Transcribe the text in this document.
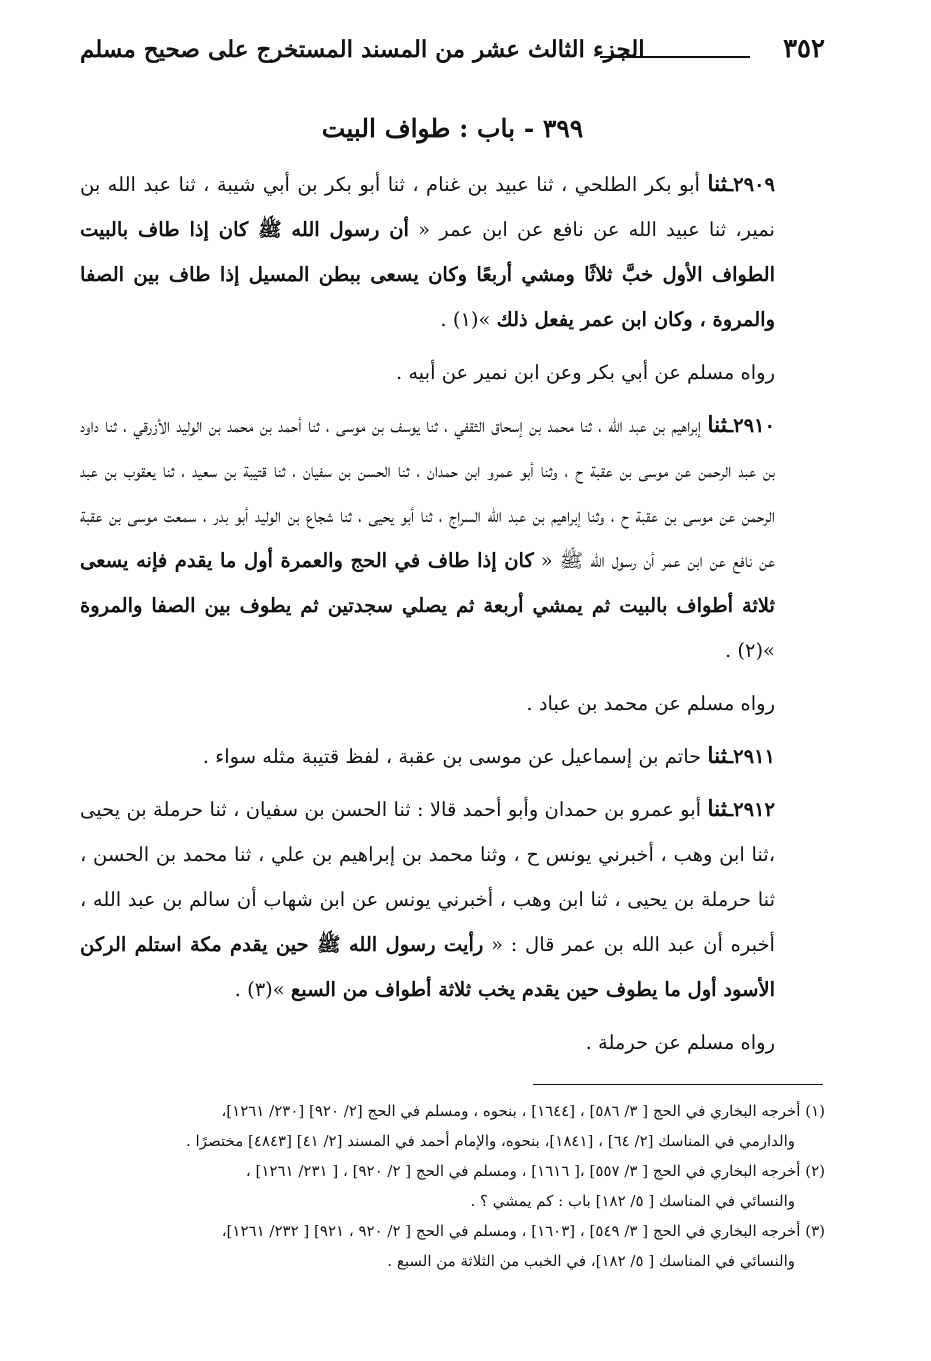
٣٥٢
الجزء الثالث عشر من المسند المستخرج على صحيح مسلم
٣٩٩ - باب : طواف البيت

٢٩٠٩ـثنا أبو بكر الطلحي ، ثنا عبيد بن غنام ، ثنا أبو بكر بن أبي شيبة ، ثنا عبد الله بن نمير، ثنا عبيد الله عن نافع عن ابن عمر « أن رسول الله ﷺ كان إذا طاف بالبيت الطواف الأول خبَّ ثلاثًا ومشي أربعًا وكان يسعى ببطن المسيل إذا طاف بين الصفا والمروة ، وكان ابن عمر يفعل ذلك »(١) .

رواه مسلم عن أبي بكر وعن ابن نمير عن أبيه .

٢٩١٠ـثنا إبراهيم بن عبد الله ، ثنا محمد بن إسحاق الثقفي ، ثنا يوسف بن موسى ، ثنا أحمد بن محمد بن الوليد الأزرقي ، ثنا داود بن عبد الرحمن عن موسى بن عقبة ح ، وثنا أبو عمرو ابن حمدان ، ثنا الحسن بن سفيان ، ثنا قتيبة بن سعيد ، ثنا يعقوب بن عبد الرحمن عن موسى بن عقبة ح ، وثنا إبراهيم بن عبد الله السراج ، ثنا أبو يحيى ، ثنا شجاع بن الوليد أبو بدر ، سمعت موسى بن عقبة عن نافع عن ابن عمر أن رسول الله ﷺ « كان إذا طاف في الحج والعمرة أول ما يقدم فإنه يسعى ثلاثة أطواف بالبيت ثم يمشي أربعة ثم يصلي سجدتين ثم يطوف بين الصفا والمروة »(٢) .

رواه مسلم عن محمد بن عباد .

٢٩١١ـثنا حاتم بن إسماعيل عن موسى بن عقبة ، لفظ قتيبة مثله سواء .

٢٩١٢ـثنا أبو عمرو بن حمدان وأبو أحمد قالا : ثنا الحسن بن سفيان ، ثنا حرملة بن يحيى ،ثنا ابن وهب ، أخبرني يونس ح ، وثنا محمد بن إبراهيم بن علي ، ثنا محمد بن الحسن ، ثنا حرملة بن يحيى ، ثنا ابن وهب ، أخبرني يونس عن ابن شهاب أن سالم بن عبد الله ، أخبره أن عبد الله بن عمر قال : « رأيت رسول الله ﷺ حين يقدم مكة استلم الركن الأسود أول ما يطوف حين يقدم يخب ثلاثة أطواف من السبع »(٣) .

رواه مسلم عن حرملة .

(١) أخرجه البخاري في الحج [ ٣/ ٥٨٦] ، [١٦٤٤] ، بنحوه ، ومسلم في الحج [٢/ ٩٢٠] [٢٣٠/ ١٢٦١]،

والدارمي في المناسك [٢/ ٦٤] ، [١٨٤١]، بنحوه، والإمام أحمد في المسند [٢/ ٤١] [٤٨٤٣] مختصرًا .

(٢) أخرجه البخاري في الحج [ ٣/ ٥٥٧] ،[ ١٦١٦] ، ومسلم في الحج [ ٢/ ٩٢٠] ، [ ٢٣١/ ١٢٦١] ،

والنسائي في المناسك [ ٥/ ١٨٢] باب : كم يمشي ؟ .

(٣) أخرجه البخاري في الحج [ ٣/ ٥٤٩] ، [١٦٠٣] ، ومسلم في الحج [ ٢/ ٩٢٠ ، ٩٢١] [ ٢٣٢/ ١٢٦١]،

والنسائي في المناسك [ ٥/ ١٨٢]، في الخبب من الثلاثة من السبع .
